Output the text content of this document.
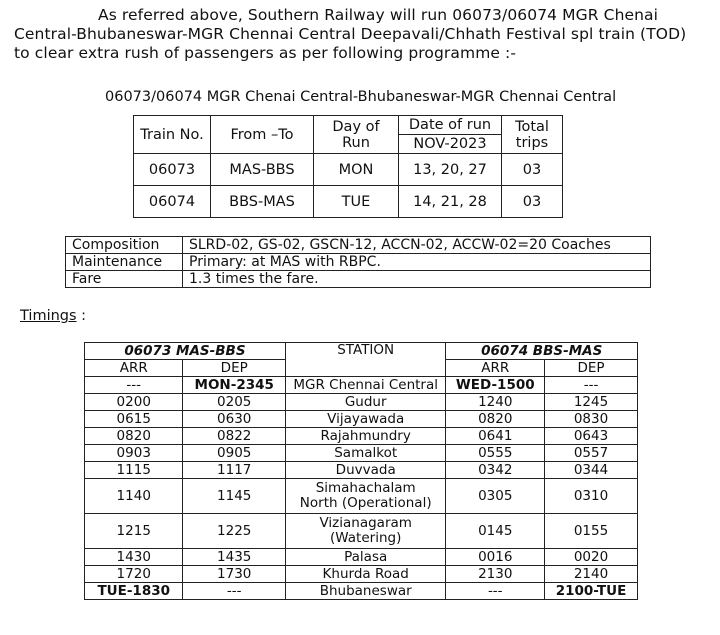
As referred above, Southern Railway will run 06073/06074 MGR Chenai Central-Bhubaneswar-MGR Chennai Central Deepavali/Chhath Festival spl train (TOD) to clear extra rush of passengers as per following programme :-

06073/06074 MGR Chenai Central-Bhubaneswar-MGR Chennai Central

Train No.	From –To	Day of Run	Date of run	Total trips
			NOV-2023	
06073	MAS-BBS	MON	13, 20, 27	03
06074	BBS-MAS	TUE	14, 21, 28	03
Composition	SLRD-02, GS-02, GSCN-12, ACCN-02, ACCW-02=20 Coaches
Maintenance	Primary: at MAS with RBPC.
Fare	1.3 times the fare.

Timings :

06073 MAS-BBS		STATION	06074 BBS-MAS	
ARR	DEP		ARR	DEP
---	MON-2345	MGR Chennai Central	WED-1500	---
0200	0205	Gudur	1240	1245
0615	0630	Vijayawada	0820	0830
0820	0822	Rajahmundry	0641	0643
0903	0905	Samalkot	0555	0557
1115	1117	Duvvada	0342	0344
1140	1145	Simahachalam
North (Operational)	0305	0310
1215	1225	Vizianagaram
(Watering)	0145	0155
1430	1435	Palasa	0016	0020
1720	1730	Khurda Road	2130	2140
TUE-1830	---	Bhubaneswar	---	2100-TUE
